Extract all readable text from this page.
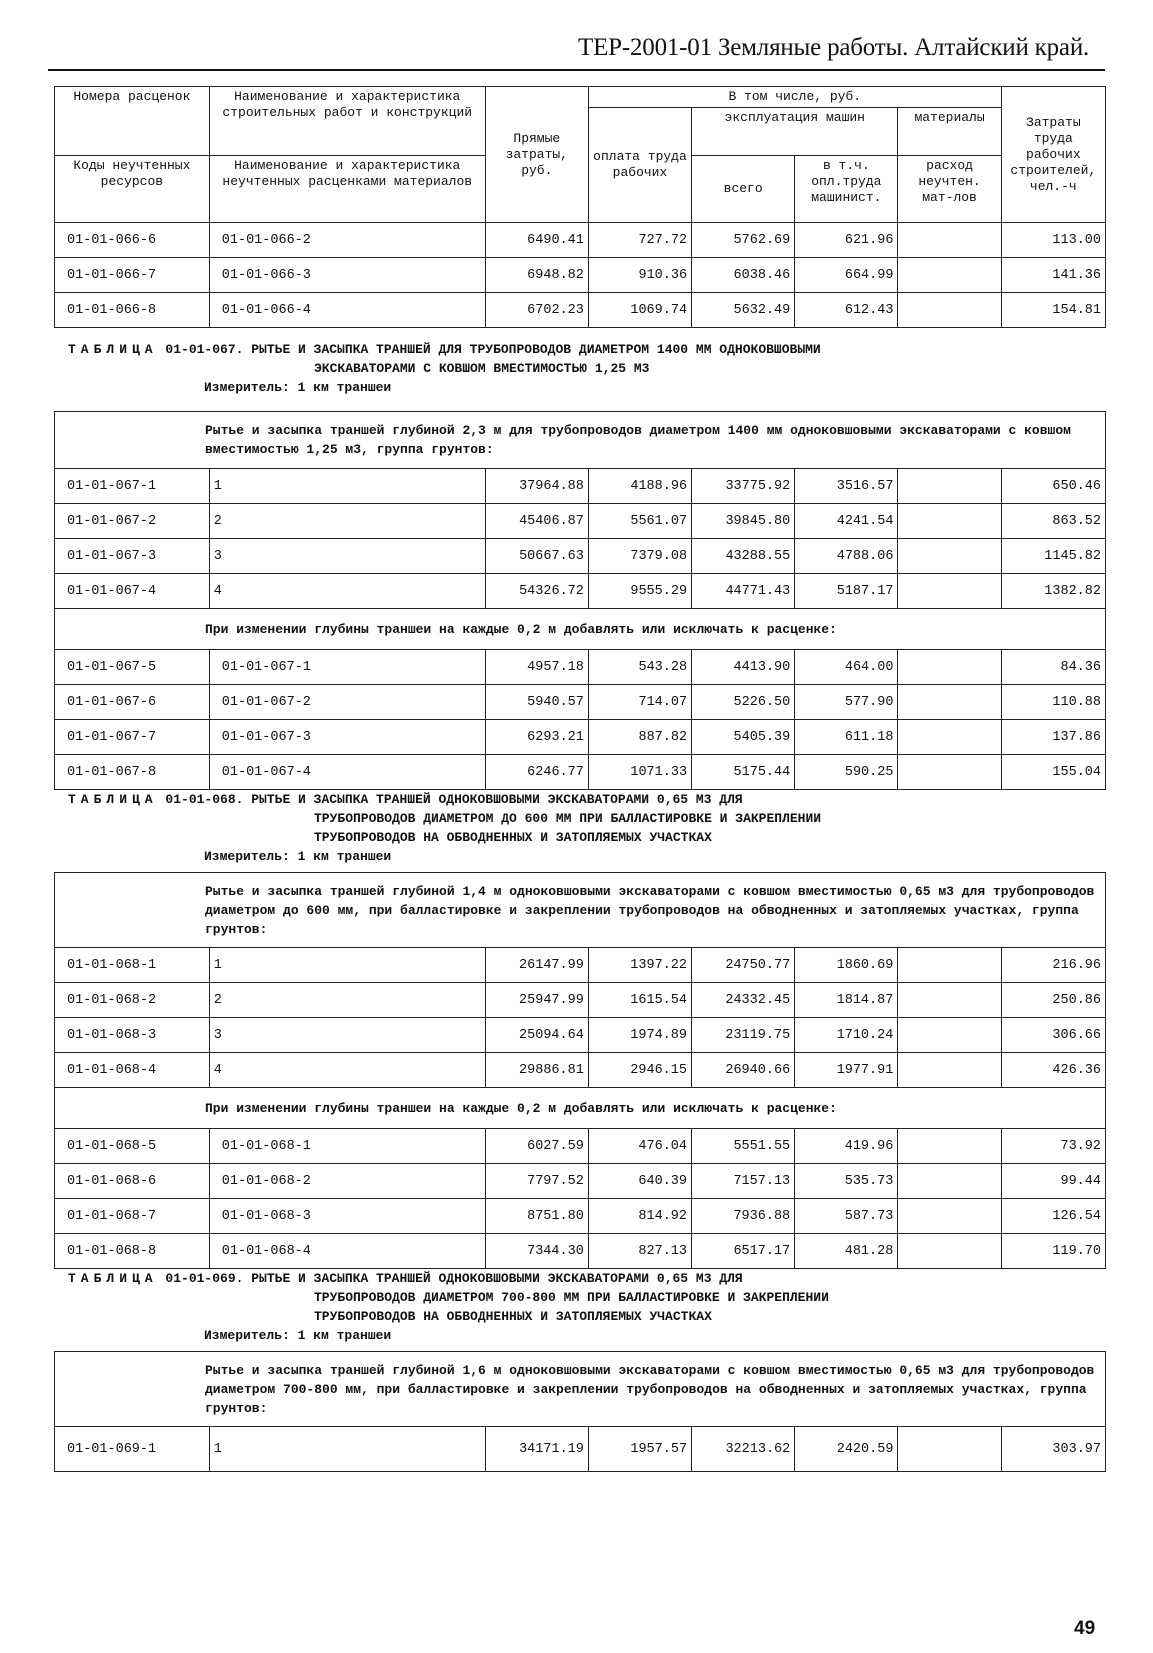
ТЕР-2001-01 Земляные работы. Алтайский край.
Номера расценок	Наименование и характеристика строительных работ и конструкций	Прямые затраты, руб.	В том числе, руб.				Затраты труда рабочих строителей, чел.-ч
			оплата труда рабочих	эксплуатация машин		материалы	
Коды неучтенных ресурсов	Наименование и характеристика неучтенных расценками материалов			всего	в т.ч. опл.труда машинист.	расход неучтен. мат-лов	
01-01-066-6	01-01-066-2	6490.41	727.72	5762.69	621.96		113.00
01-01-066-7	01-01-066-3	6948.82	910.36	6038.46	664.99		141.36
01-01-066-8	01-01-066-4	6702.23	1069.74	5632.49	612.43		154.81
ТАБЛИЦА 01-01-067. РЫТЬЕ И ЗАСЫПКА ТРАНШЕЙ ДЛЯ ТРУБОПРОВОДОВ ДИАМЕТРОМ 1400 ММ ОДНОКОВШОВЫМИ
ЭКСКАВАТОРАМИ С КОВШОМ ВМЕСТИМОСТЬЮ 1,25 М3
Измеритель: 1 км траншеи
Рытье и засыпка траншей глубиной 2,3 м для трубопроводов диаметром 1400 мм одноковшовыми экскаваторами с ковшом вместимостью 1,25 м3, группа грунтов:							
01-01-067-1	1	37964.88	4188.96	33775.92	3516.57		650.46
01-01-067-2	2	45406.87	5561.07	39845.80	4241.54		863.52
01-01-067-3	3	50667.63	7379.08	43288.55	4788.06		1145.82
01-01-067-4	4	54326.72	9555.29	44771.43	5187.17		1382.82
При изменении глубины траншеи на каждые 0,2 м добавлять или исключать к расценке:							
01-01-067-5	01-01-067-1	4957.18	543.28	4413.90	464.00		84.36
01-01-067-6	01-01-067-2	5940.57	714.07	5226.50	577.90		110.88
01-01-067-7	01-01-067-3	6293.21	887.82	5405.39	611.18		137.86
01-01-067-8	01-01-067-4	6246.77	1071.33	5175.44	590.25		155.04
ТАБЛИЦА 01-01-068. РЫТЬЕ И ЗАСЫПКА ТРАНШЕЙ ОДНОКОВШОВЫМИ ЭКСКАВАТОРАМИ 0,65 М3 ДЛЯ
ТРУБОПРОВОДОВ ДИАМЕТРОМ ДО 600 ММ ПРИ БАЛЛАСТИРОВКЕ И ЗАКРЕПЛЕНИИ
ТРУБОПРОВОДОВ НА ОБВОДНЕННЫХ И ЗАТОПЛЯЕМЫХ УЧАСТКАХ
Измеритель: 1 км траншеи
Рытье и засыпка траншей глубиной 1,4 м одноковшовыми экскаваторами с ковшом вместимостью 0,65 м3 для трубопроводов диаметром до 600 мм, при балластировке и закреплении трубопроводов на обводненных и затопляемых участках, группа грунтов:							
01-01-068-1	1	26147.99	1397.22	24750.77	1860.69		216.96
01-01-068-2	2	25947.99	1615.54	24332.45	1814.87		250.86
01-01-068-3	3	25094.64	1974.89	23119.75	1710.24		306.66
01-01-068-4	4	29886.81	2946.15	26940.66	1977.91		426.36
При изменении глубины траншеи на каждые 0,2 м добавлять или исключать к расценке:							
01-01-068-5	01-01-068-1	6027.59	476.04	5551.55	419.96		73.92
01-01-068-6	01-01-068-2	7797.52	640.39	7157.13	535.73		99.44
01-01-068-7	01-01-068-3	8751.80	814.92	7936.88	587.73		126.54
01-01-068-8	01-01-068-4	7344.30	827.13	6517.17	481.28		119.70
ТАБЛИЦА 01-01-069. РЫТЬЕ И ЗАСЫПКА ТРАНШЕЙ ОДНОКОВШОВЫМИ ЭКСКАВАТОРАМИ 0,65 М3 ДЛЯ
ТРУБОПРОВОДОВ ДИАМЕТРОМ 700-800 ММ ПРИ БАЛЛАСТИРОВКЕ И ЗАКРЕПЛЕНИИ
ТРУБОПРОВОДОВ НА ОБВОДНЕННЫХ И ЗАТОПЛЯЕМЫХ УЧАСТКАХ
Измеритель: 1 км траншеи
Рытье и засыпка траншей глубиной 1,6 м одноковшовыми экскаваторами с ковшом вместимостью 0,65 м3 для трубопроводов диаметром 700-800 мм, при балластировке и закреплении трубопроводов на обводненных и затопляемых участках, группа грунтов:
01-01-069-1	1	34171.19	1957.57	32213.62	2420.59		303.97
49
